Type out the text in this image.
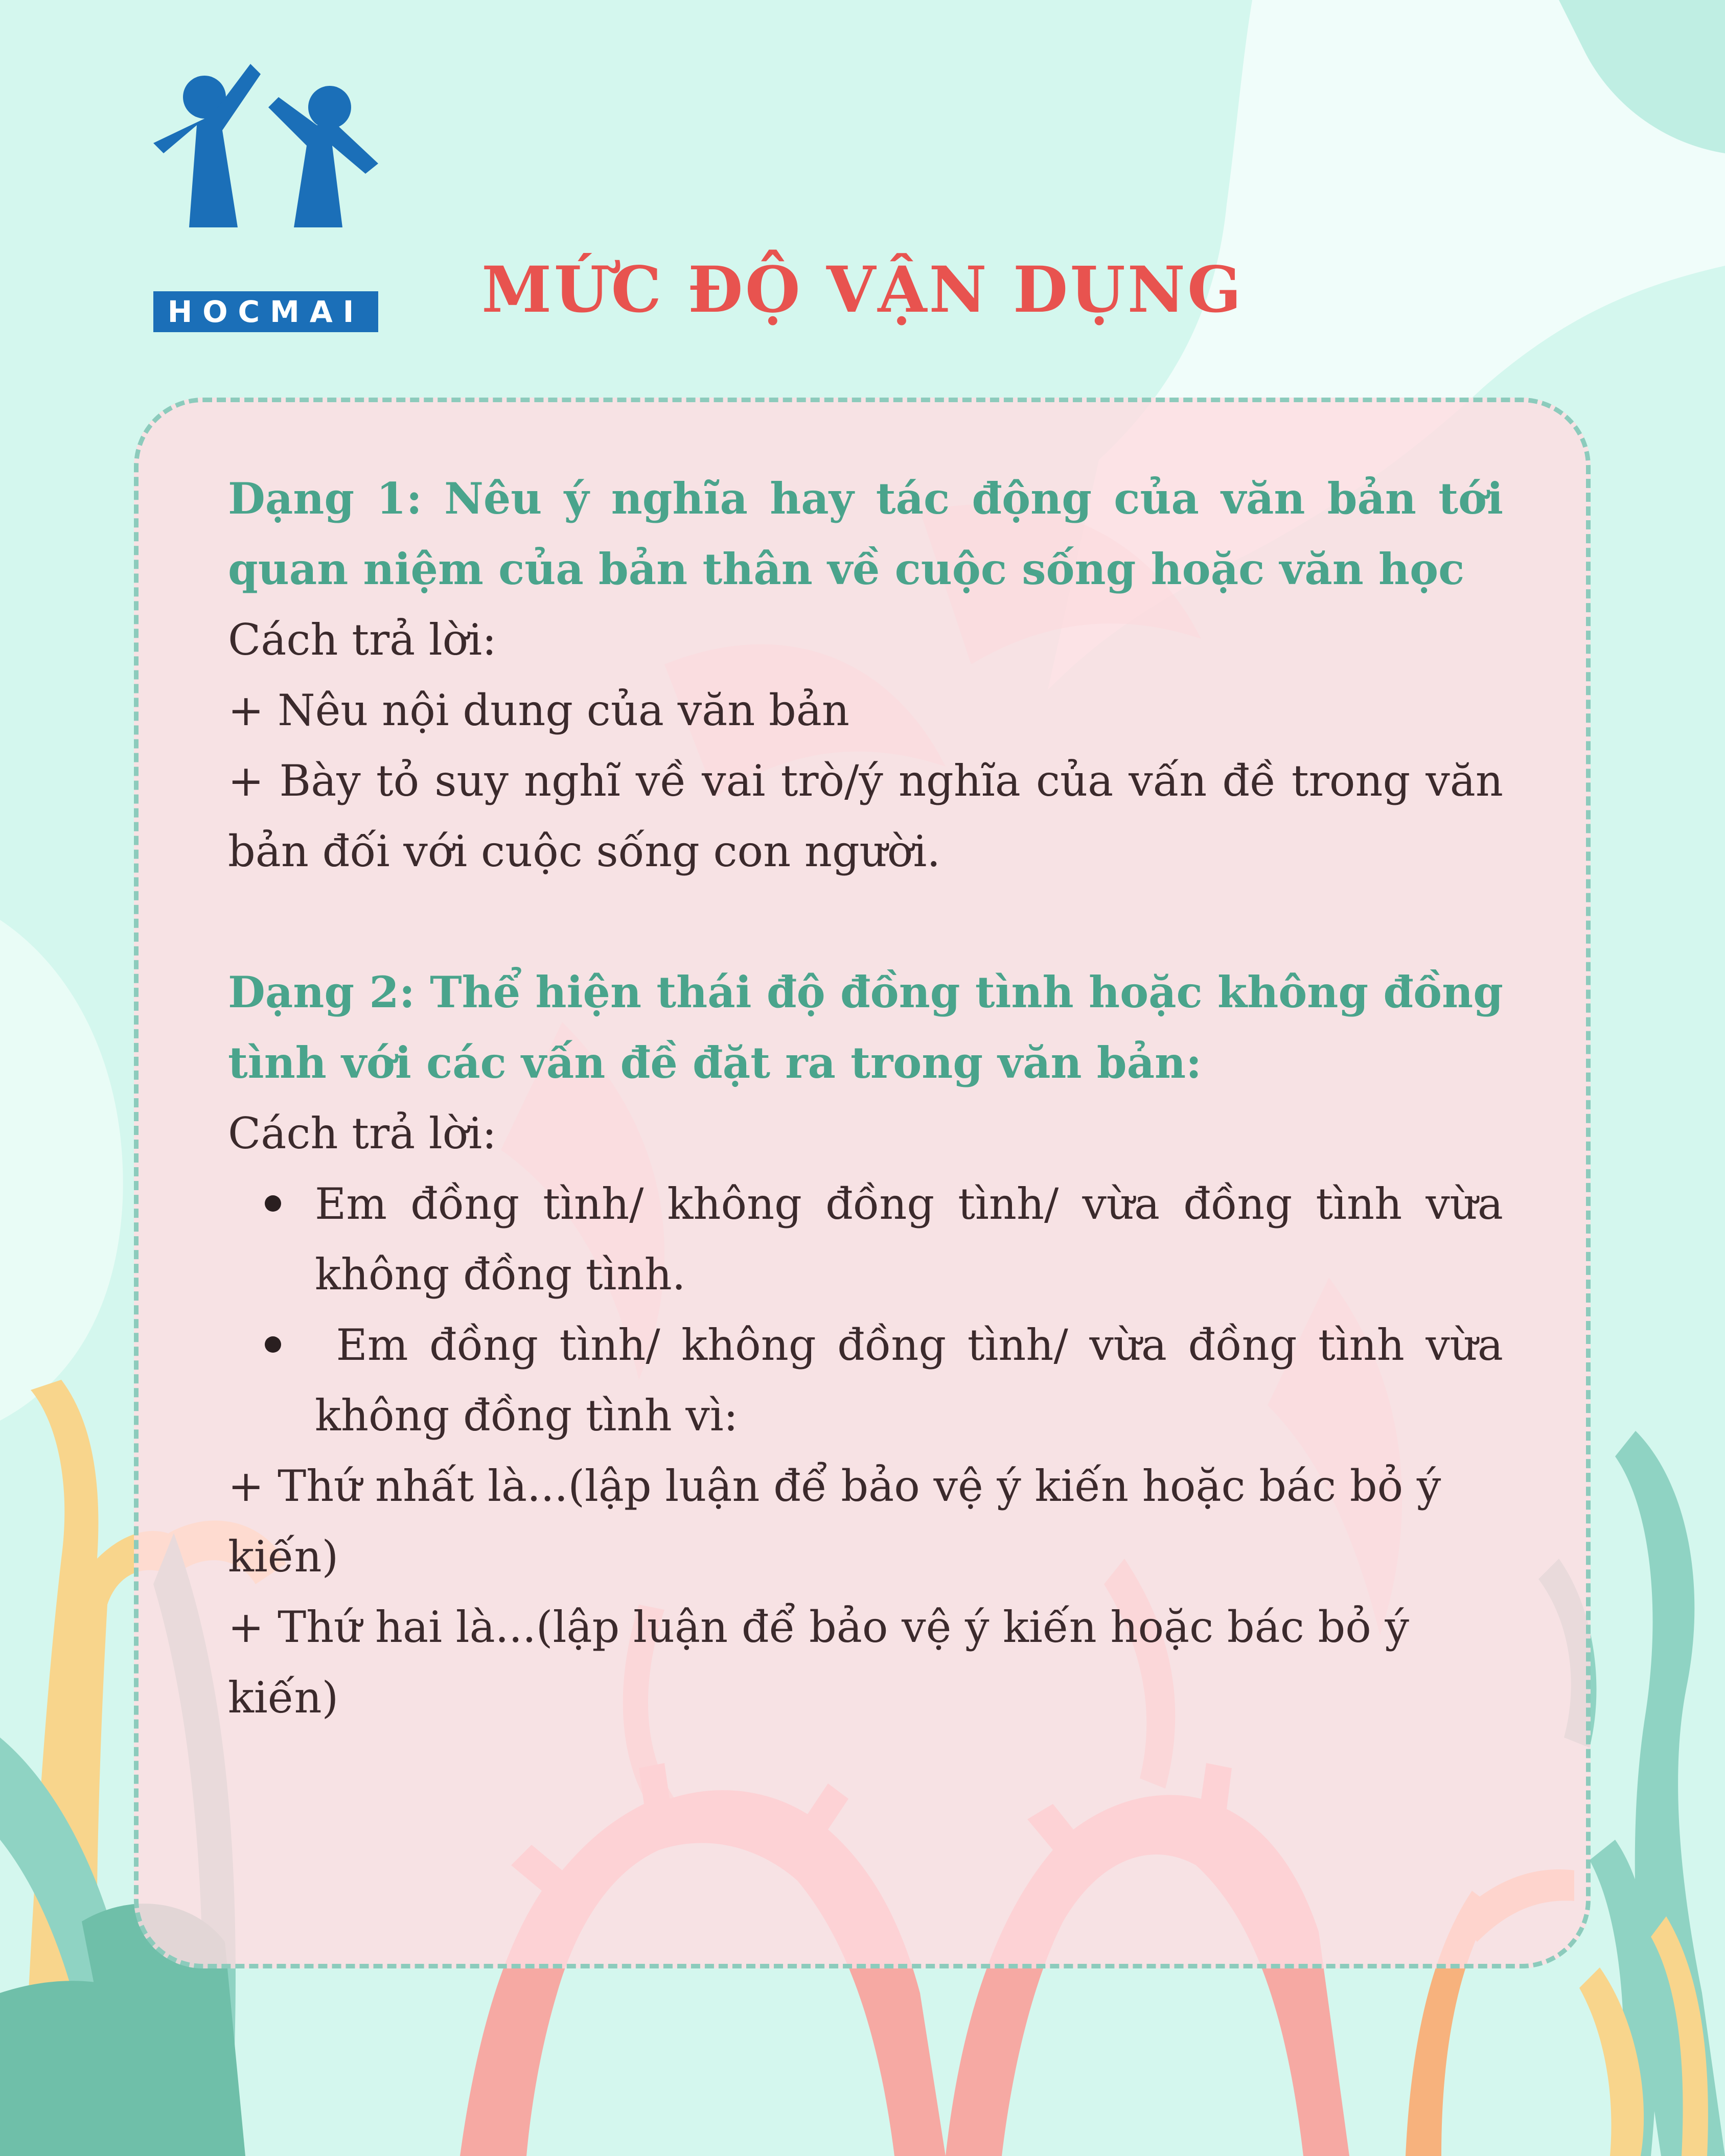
HOCMAI	MỨC ĐỘ VẬN DỤNG

Dạng 1: Nêu ý nghĩa hay tác động của văn bản tới quan niệm của bản thân về cuộc sống hoặc văn học

Cách trả lời:

+ Nêu nội dung của văn bản

+ Bày tỏ suy nghĩ về vai trò/ý nghĩa của vấn đề trong văn bản đối với cuộc sống con người.

Dạng 2: Thể hiện thái độ đồng tình hoặc không đồng tình với các vấn đề đặt ra trong văn bản:

Cách trả lời:

Em đồng tình/ không đồng tình/ vừa đồng tình vừa không đồng tình.
Em đồng tình/ không đồng tình/ vừa đồng tình vừa không đồng tình vì:

+ Thứ nhất là...(lập luận để bảo vệ ý kiến hoặc bác bỏ ý kiến)

+ Thứ hai là...(lập luận để bảo vệ ý kiến hoặc bác bỏ ý kiến)
